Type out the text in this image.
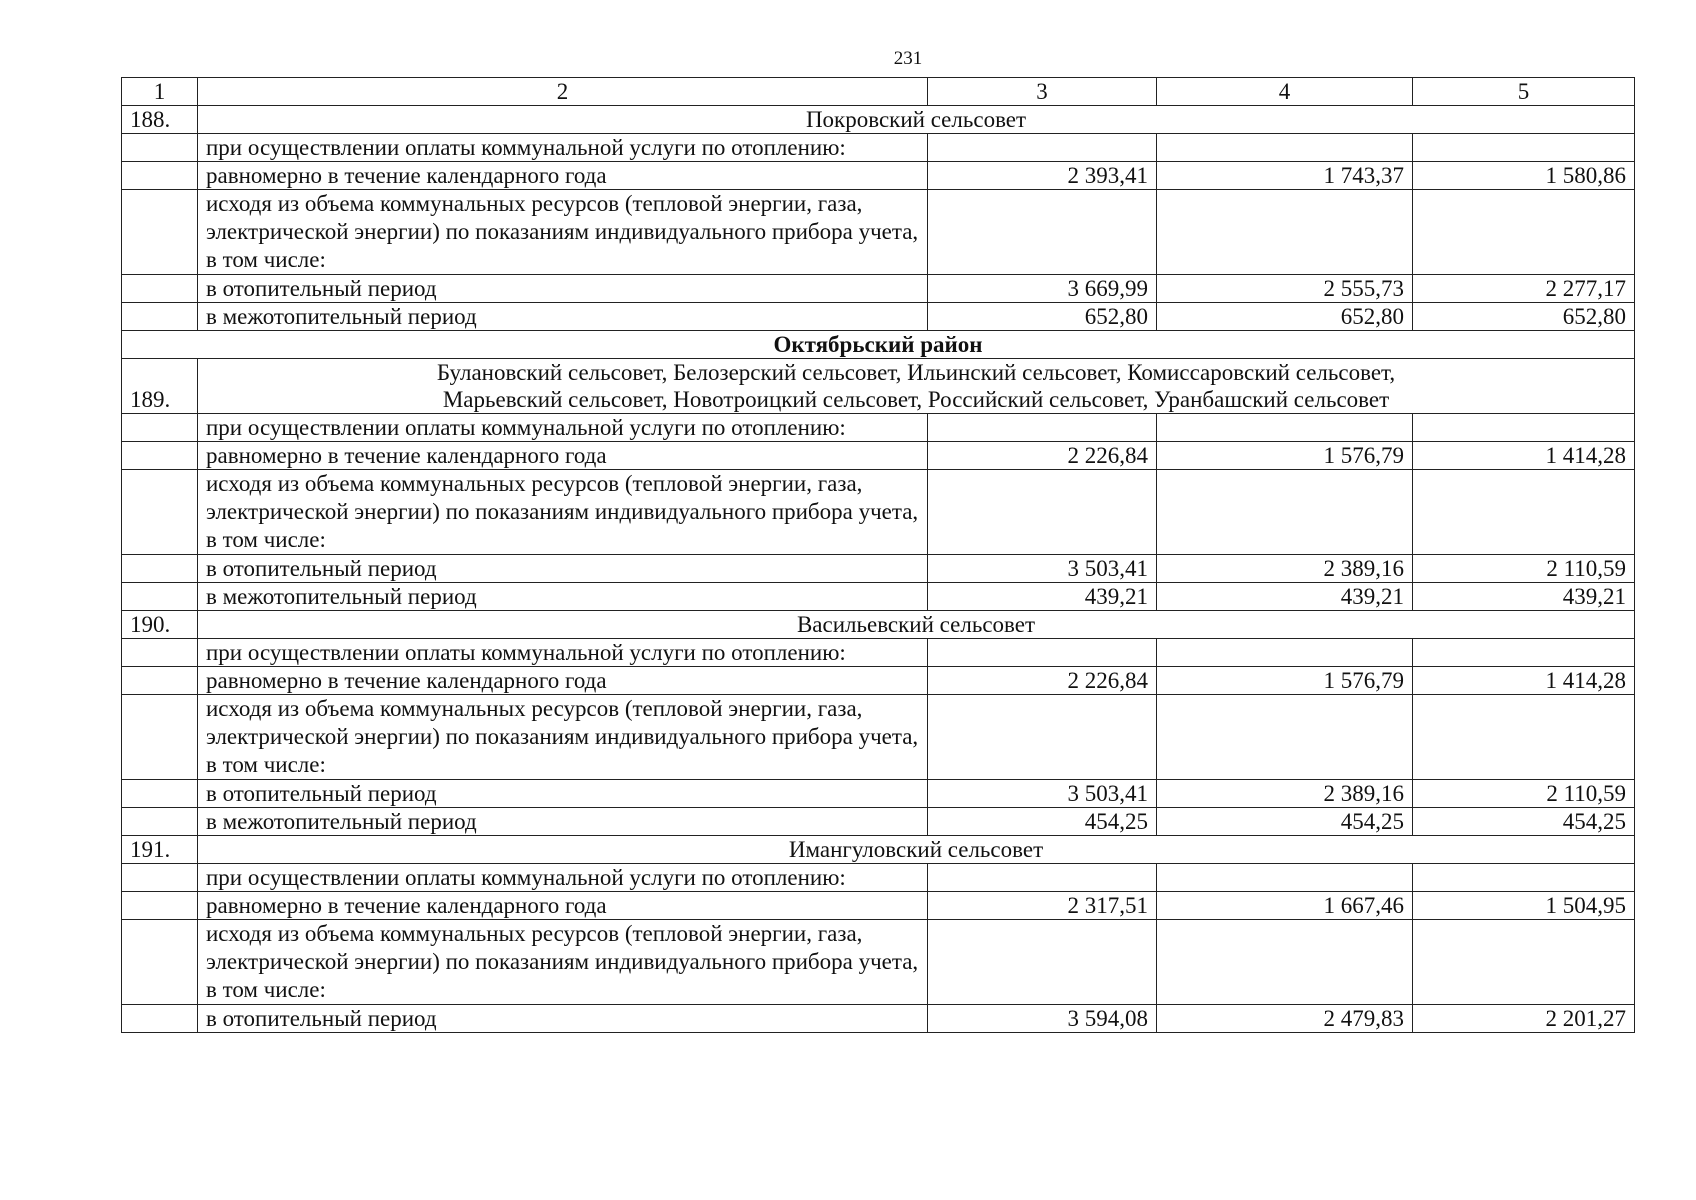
231
1	2	3	4	5
188.	Покровский сельсовет			
	при осуществлении оплаты коммунальной услуги по отоплению:			
	равномерно в течение календарного года	2 393,41	1 743,37	1 580,86
	исходя из объема коммунальных ресурсов (тепловой энергии, газа, электрической энергии) по показаниям индивидуального прибора учета, в том числе:			
	в отопительный период	3 669,99	2 555,73	2 277,17
	в межотопительный период	652,80	652,80	652,80
Октябрьский район				
189.	Булановский сельсовет, Белозерский сельсовет, Ильинский сельсовет, Комиссаровский сельсовет,
Марьевский сельсовет, Новотроицкий сельсовет, Российский сельсовет, Уранбашский сельсовет			

	при осуществлении оплаты коммунальной услуги по отоплению:			
	равномерно в течение календарного года	2 226,84	1 576,79	1 414,28
	исходя из объема коммунальных ресурсов (тепловой энергии, газа, электрической энергии) по показаниям индивидуального прибора учета, в том числе:			
	в отопительный период	3 503,41	2 389,16	2 110,59
	в межотопительный период	439,21	439,21	439,21
190.	Васильевский сельсовет			
	при осуществлении оплаты коммунальной услуги по отоплению:			
	равномерно в течение календарного года	2 226,84	1 576,79	1 414,28
	исходя из объема коммунальных ресурсов (тепловой энергии, газа, электрической энергии) по показаниям индивидуального прибора учета, в том числе:			
	в отопительный период	3 503,41	2 389,16	2 110,59
	в межотопительный период	454,25	454,25	454,25
191.	Имангуловский сельсовет			
	при осуществлении оплаты коммунальной услуги по отоплению:			
	равномерно в течение календарного года	2 317,51	1 667,46	1 504,95
	исходя из объема коммунальных ресурсов (тепловой энергии, газа, электрической энергии) по показаниям индивидуального прибора учета, в том числе:			
	в отопительный период	3 594,08	2 479,83	2 201,27
